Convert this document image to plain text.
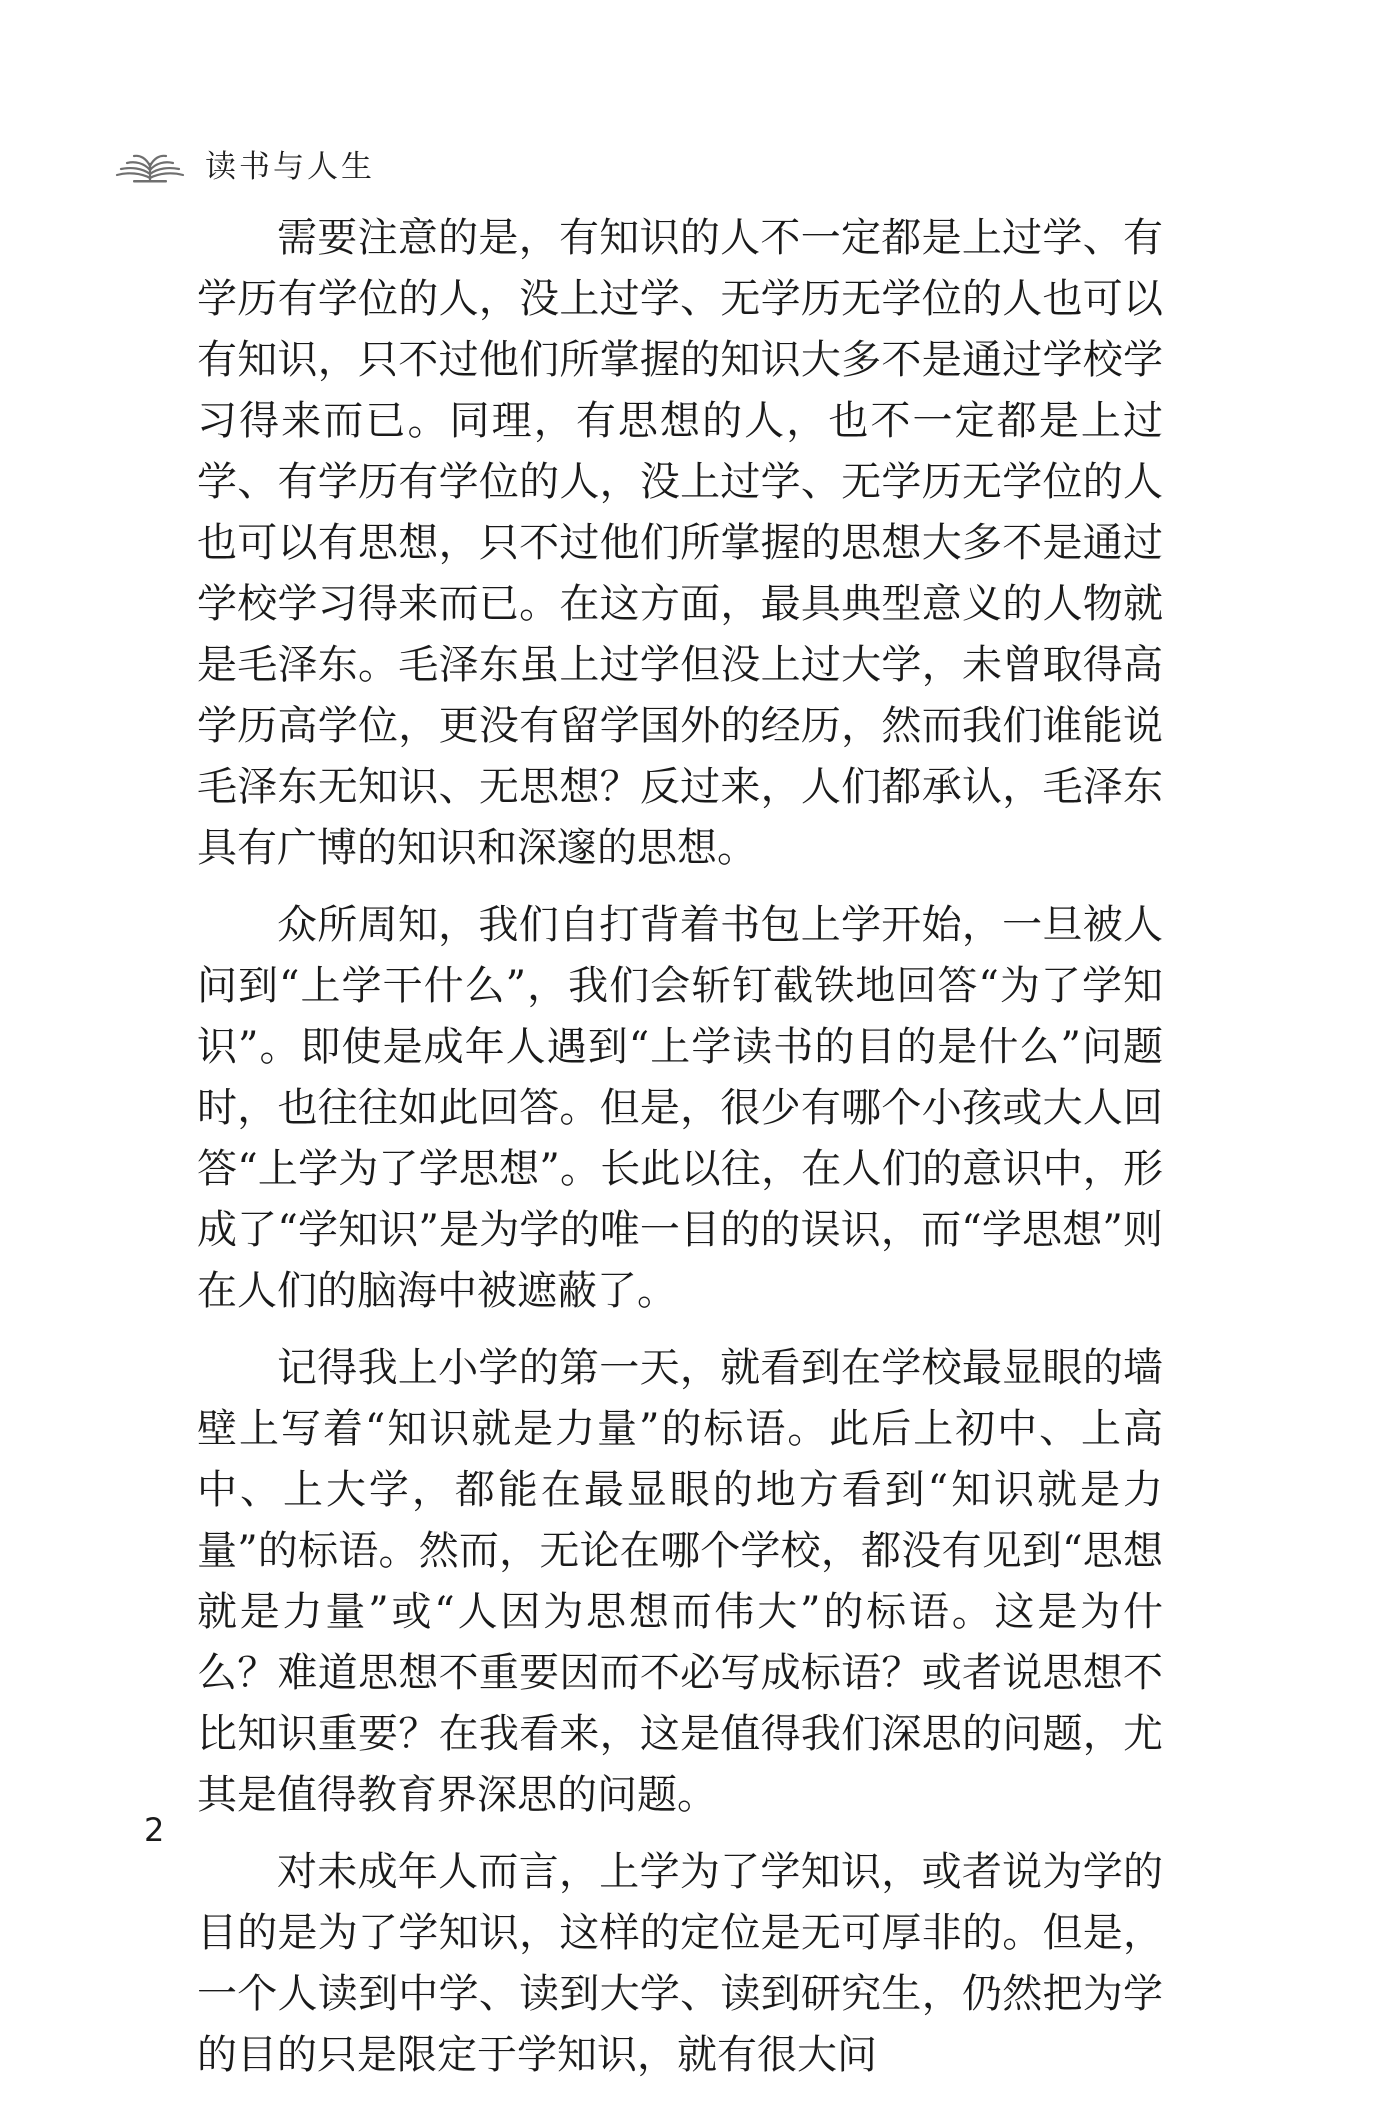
读书与人生

需要注意的是，有知识的人不一定都是上过学、有学历有学位的人，没上过学、无学历无学位的人也可以有知识，只不过他们所掌握的知识大多不是通过学校学习得来而已。同理，有思想的人，也不一定都是上过学、有学历有学位的人，没上过学、无学历无学位的人也可以有思想，只不过他们所掌握的思想大多不是通过学校学习得来而已。在这方面，最具典型意义的人物就是毛泽东。毛泽东虽上过学但没上过大学，未曾取得高学历高学位，更没有留学国外的经历，然而我们谁能说毛泽东无知识、无思想？反过来，人们都承认，毛泽东具有广博的知识和深邃的思想。

众所周知，我们自打背着书包上学开始，一旦被人问到“上学干什么”，我们会斩钉截铁地回答“为了学知识”。即使是成年人遇到“上学读书的目的是什么”问题时，也往往如此回答。但是，很少有哪个小孩或大人回答“上学为了学思想”。长此以往，在人们的意识中，形成了“学知识”是为学的唯一目的的误识，而“学思想”则在人们的脑海中被遮蔽了。

记得我上小学的第一天，就看到在学校最显眼的墙壁上写着“知识就是力量”的标语。此后上初中、上高中、上大学，都能在最显眼的地方看到“知识就是力量”的标语。然而，无论在哪个学校，都没有见到“思想就是力量”或“人因为思想而伟大”的标语。这是为什么？难道思想不重要因而不必写成标语？或者说思想不比知识重要？在我看来，这是值得我们深思的问题，尤其是值得教育界深思的问题。

对未成年人而言，上学为了学知识，或者说为学的目的是为了学知识，这样的定位是无可厚非的。但是，一个人读到中学、读到大学、读到研究生，仍然把为学的目的只是限定于学知识，就有很大问

2
